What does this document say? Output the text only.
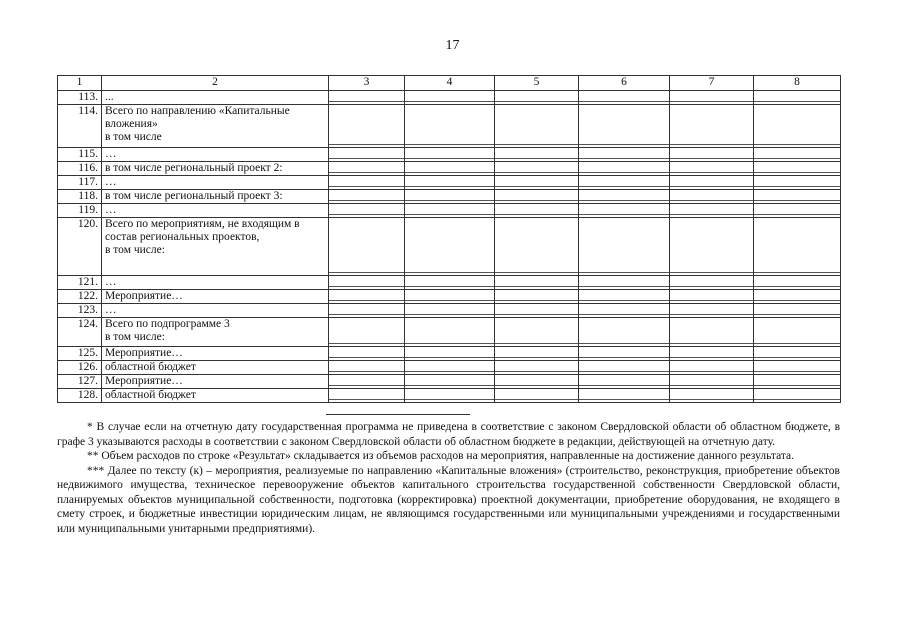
17
1	2	3	4	5	6	7	8
113.	...	

114.	Всего по направлению «Капитальные вложения»
в том числе	

115.	…	

116.	в том числе региональный проект 2:	

117.	…	

118.	в том числе региональный проект 3:	

119.	…	

120.	Всего по мероприятиям, не входящим в состав региональных проектов,
в том числе:	

121.	…	

122.	Мероприятие…	

123.	…	

124.	Всего по подпрограмме 3
в том числе:	

125.	Мероприятие…	

126.	областной бюджет	

127.	Мероприятие…	

128.	областной бюджет	

* В случае если на отчетную дату государственная программа не приведена в соответствие с законом Свердловской области об областном бюджете, в графе 3 указываются расходы в соответствии с законом Свердловской области об областном бюджете в редакции, действующей на отчетную дату.

** Объем расходов по строке «Результат» складывается из объемов расходов на мероприятия, направленные на достижение данного результата.

*** Далее по тексту (к) – мероприятия, реализуемые по направлению «Капитальные вложения» (строительство, реконструкция, приобретение объектов недвижимого имущества, техническое перевооружение объектов капитального строительства государственной собственности Свердловской области, планируемых объектов муниципальной собственности, подготовка (корректировка) проектной документации, приобретение оборудования, не входящего в смету строек, и бюджетные инвестиции юридическим лицам, не являющимся государственными или муниципальными учреждениями и государственными или муниципальными унитарными предприятиями).
